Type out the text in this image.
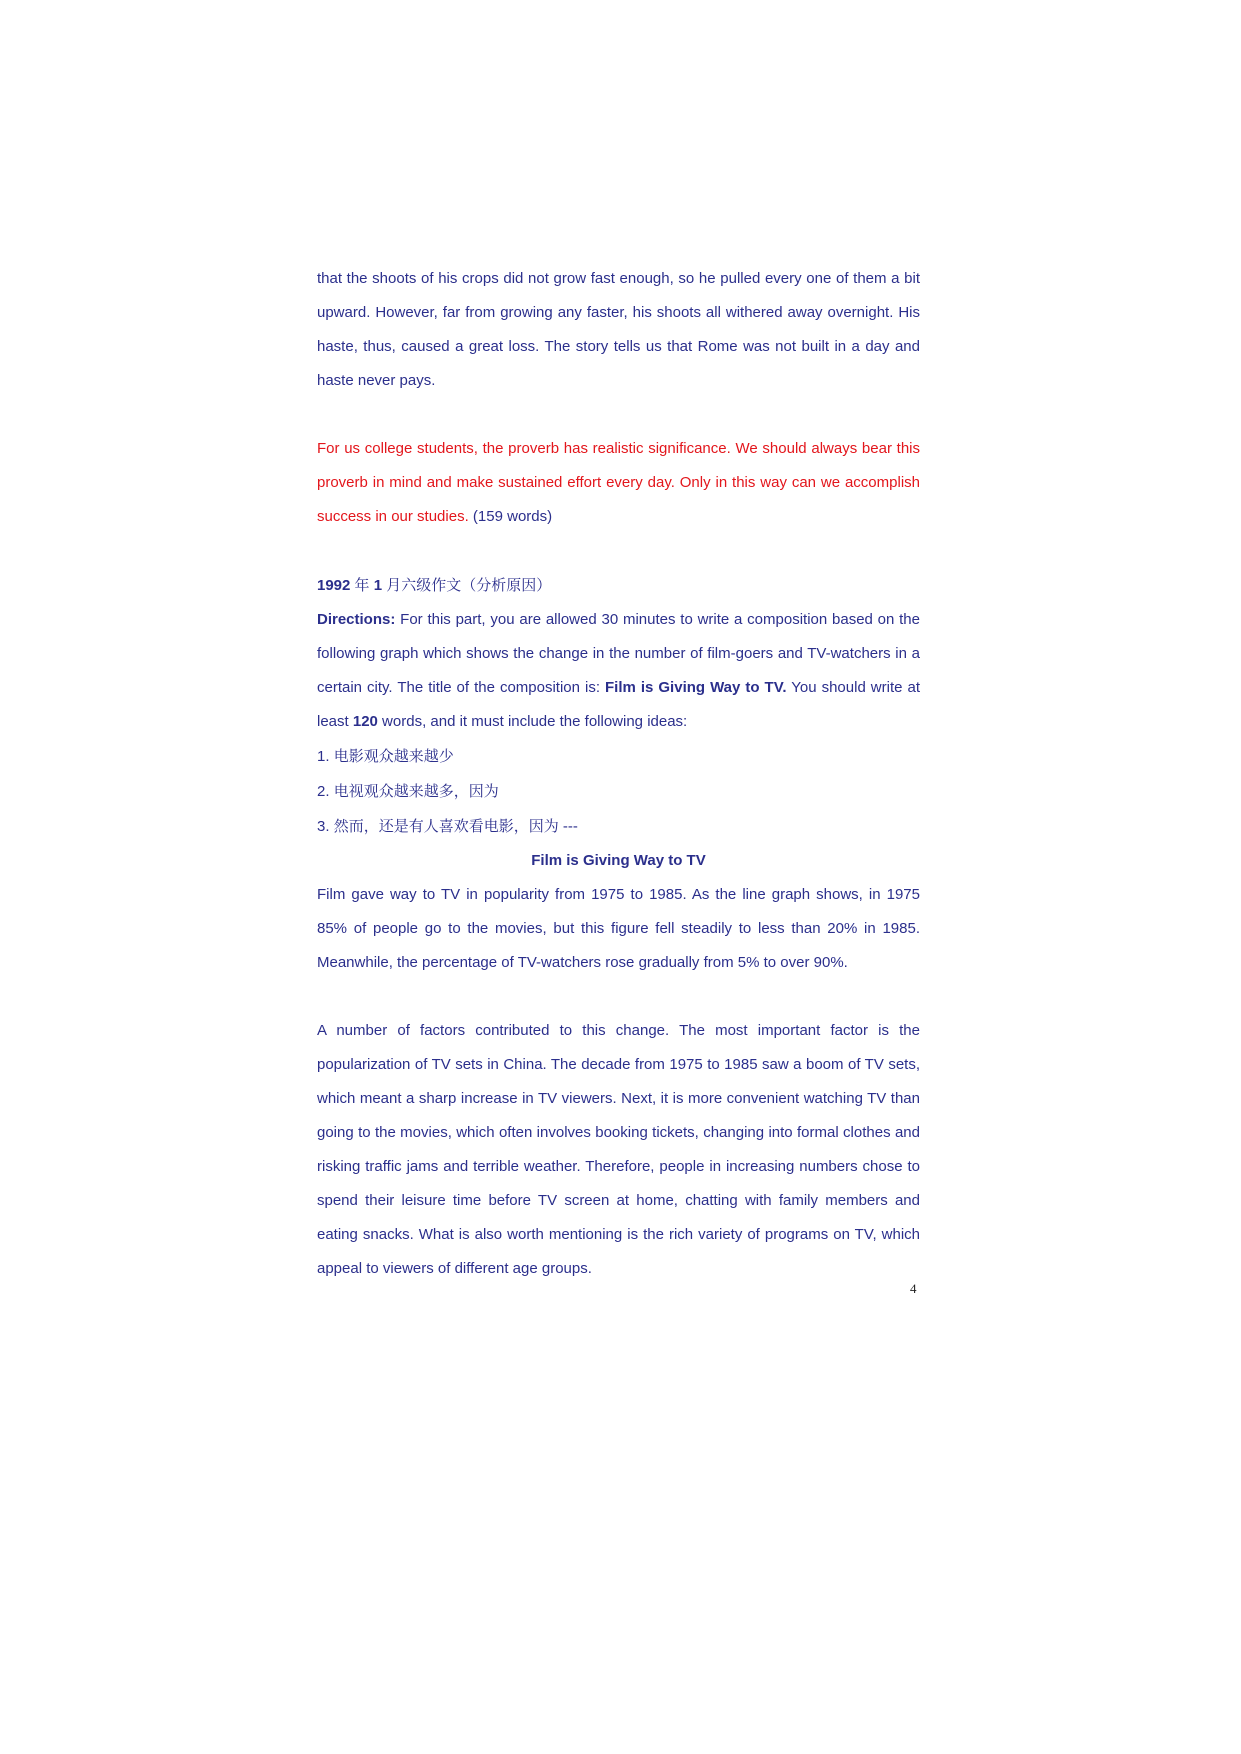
that the shoots of his crops did not grow fast enough, so he pulled every one of them a bit upward. However, far from growing any faster, his shoots all withered away overnight. His haste, thus, caused a great loss. The story tells us that Rome was not built in a day and haste never pays.

For us college students, the proverb has realistic significance. We should always bear this proverb in mind and make sustained effort every day. Only in this way can we accomplish success in our studies. (159 words)

1992 年 1 月六级作文（分析原因）

Directions: For this part, you are allowed 30 minutes to write a composition based on the following graph which shows the change in the number of film-goers and TV-watchers in a certain city. The title of the composition is: Film is Giving Way to TV. You should write at least 120 words, and it must include the following ideas:

1. 电影观众越来越少

2. 电视观众越来越多，因为

3. 然而，还是有人喜欢看电影，因为 ---

Film is Giving Way to TV

Film gave way to TV in popularity from 1975 to 1985. As the line graph shows, in 1975 85% of people go to the movies, but this figure fell steadily to less than 20% in 1985. Meanwhile, the percentage of TV-watchers rose gradually from 5% to over 90%.

A number of factors contributed to this change. The most important factor is the popularization of TV sets in China. The decade from 1975 to 1985 saw a boom of TV sets, which meant a sharp increase in TV viewers. Next, it is more convenient watching TV than going to the movies, which often involves booking tickets, changing into formal clothes and risking traffic jams and terrible weather. Therefore, people in increasing numbers chose to spend their leisure time before TV screen at home, chatting with family members and eating snacks. What is also worth mentioning is the rich variety of programs on TV, which appeal to viewers of different age groups.

4
